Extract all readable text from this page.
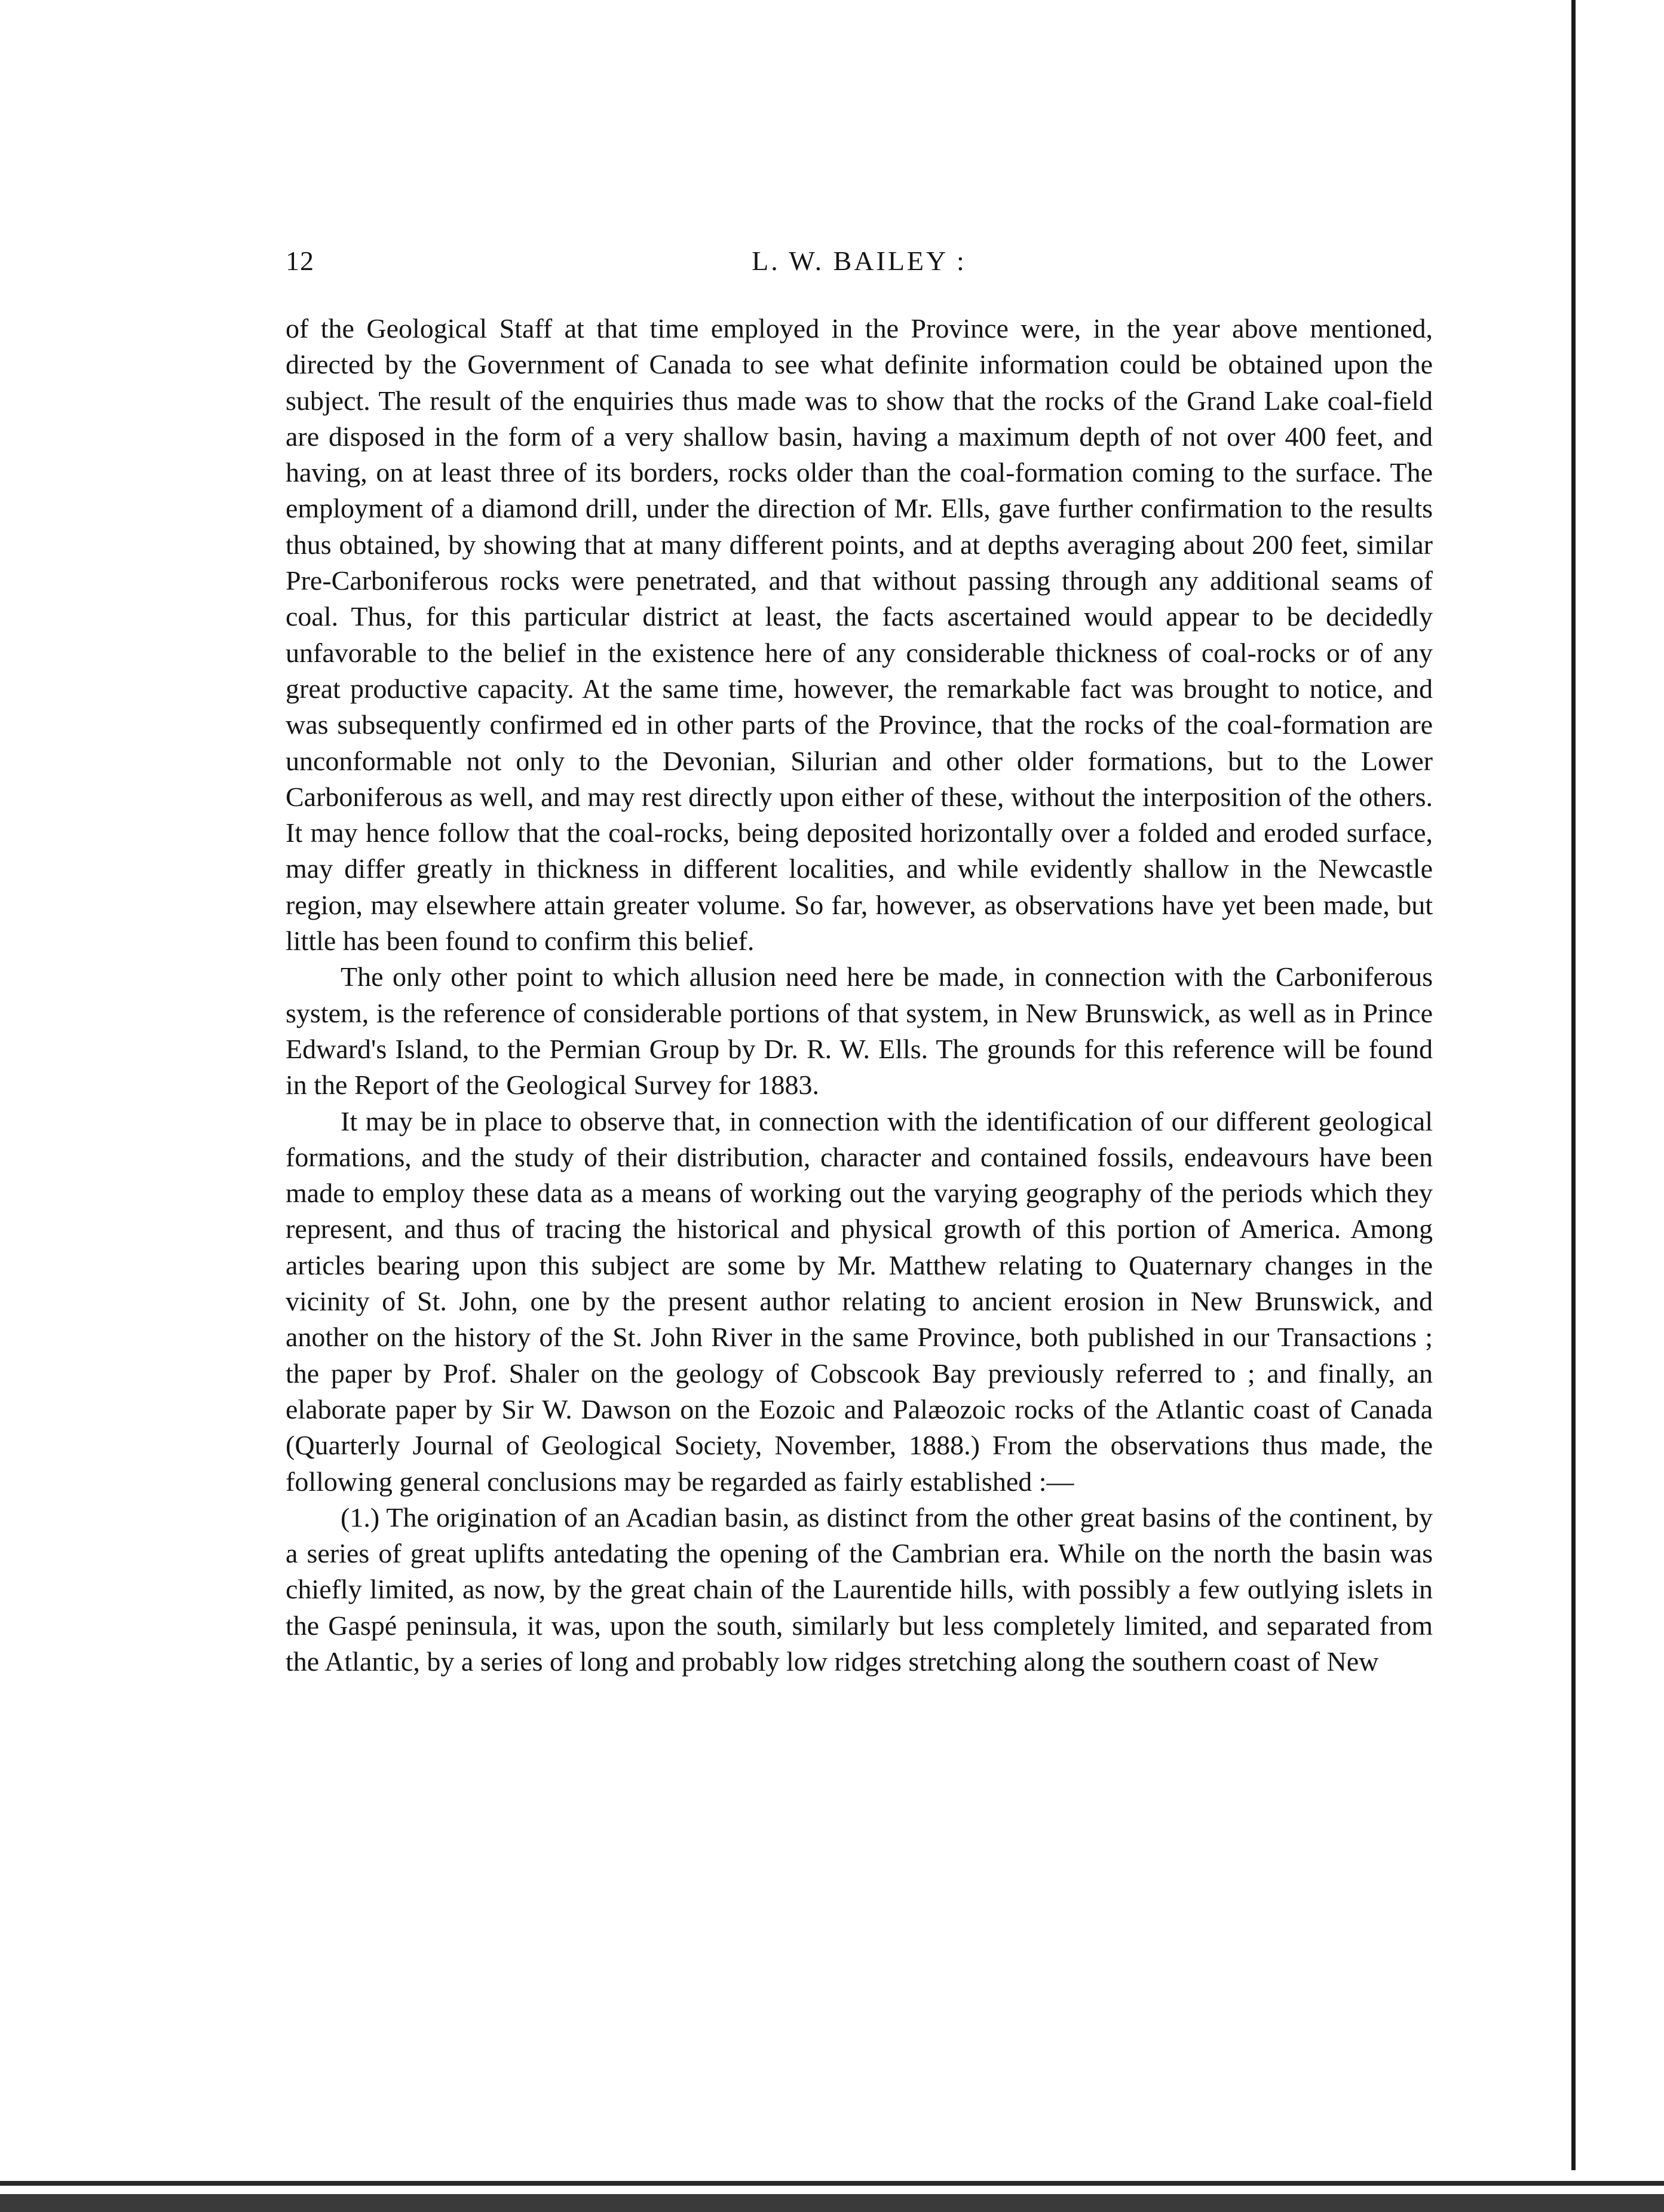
12	L. W. BAILEY :

of the Geological Staff at that time employed in the Province were, in the year above mentioned, directed by the Government of Canada to see what definite information could be obtained upon the subject. The result of the enquiries thus made was to show that the rocks of the Grand Lake coal-field are disposed in the form of a very shallow basin, having a maximum depth of not over 400 feet, and having, on at least three of its borders, rocks older than the coal-formation coming to the surface. The employment of a diamond drill, under the direction of Mr. Ells, gave further confirmation to the results thus obtained, by showing that at many different points, and at depths averaging about 200 feet, similar Pre-Carboniferous rocks were penetrated, and that without passing through any additional seams of coal. Thus, for this particular district at least, the facts ascertained would appear to be decidedly unfavorable to the belief in the existence here of any considerable thickness of coal-rocks or of any great productive capacity. At the same time, however, the remarkable fact was brought to notice, and was subsequently confirmed ed in other parts of the Province, that the rocks of the coal-formation are unconformable not only to the Devonian, Silurian and other older formations, but to the Lower Carboniferous as well, and may rest directly upon either of these, without the interposition of the others. It may hence follow that the coal-rocks, being deposited horizontally over a folded and eroded surface, may differ greatly in thickness in different localities, and while evidently shallow in the Newcastle region, may elsewhere attain greater volume. So far, however, as observations have yet been made, but little has been found to confirm this belief.

The only other point to which allusion need here be made, in connection with the Carboniferous system, is the reference of considerable portions of that system, in New Brunswick, as well as in Prince Edward's Island, to the Permian Group by Dr. R. W. Ells. The grounds for this reference will be found in the Report of the Geological Survey for 1883.

It may be in place to observe that, in connection with the identification of our different geological formations, and the study of their distribution, character and contained fossils, endeavours have been made to employ these data as a means of working out the varying geography of the periods which they represent, and thus of tracing the historical and physical growth of this portion of America. Among articles bearing upon this subject are some by Mr. Matthew relating to Quaternary changes in the vicinity of St. John, one by the present author relating to ancient erosion in New Brunswick, and another on the history of the St. John River in the same Province, both published in our Transactions ; the paper by Prof. Shaler on the geology of Cobscook Bay previously referred to ; and finally, an elaborate paper by Sir W. Dawson on the Eozoic and Palæozoic rocks of the Atlantic coast of Canada (Quarterly Journal of Geological Society, November, 1888.) From the observations thus made, the following general conclusions may be regarded as fairly established :—

(1.) The origination of an Acadian basin, as distinct from the other great basins of the continent, by a series of great uplifts antedating the opening of the Cambrian era. While on the north the basin was chiefly limited, as now, by the great chain of the Laurentide hills, with possibly a few outlying islets in the Gaspé peninsula, it was, upon the south, similarly but less completely limited, and separated from the Atlantic, by a series of long and probably low ridges stretching along the southern coast of New
